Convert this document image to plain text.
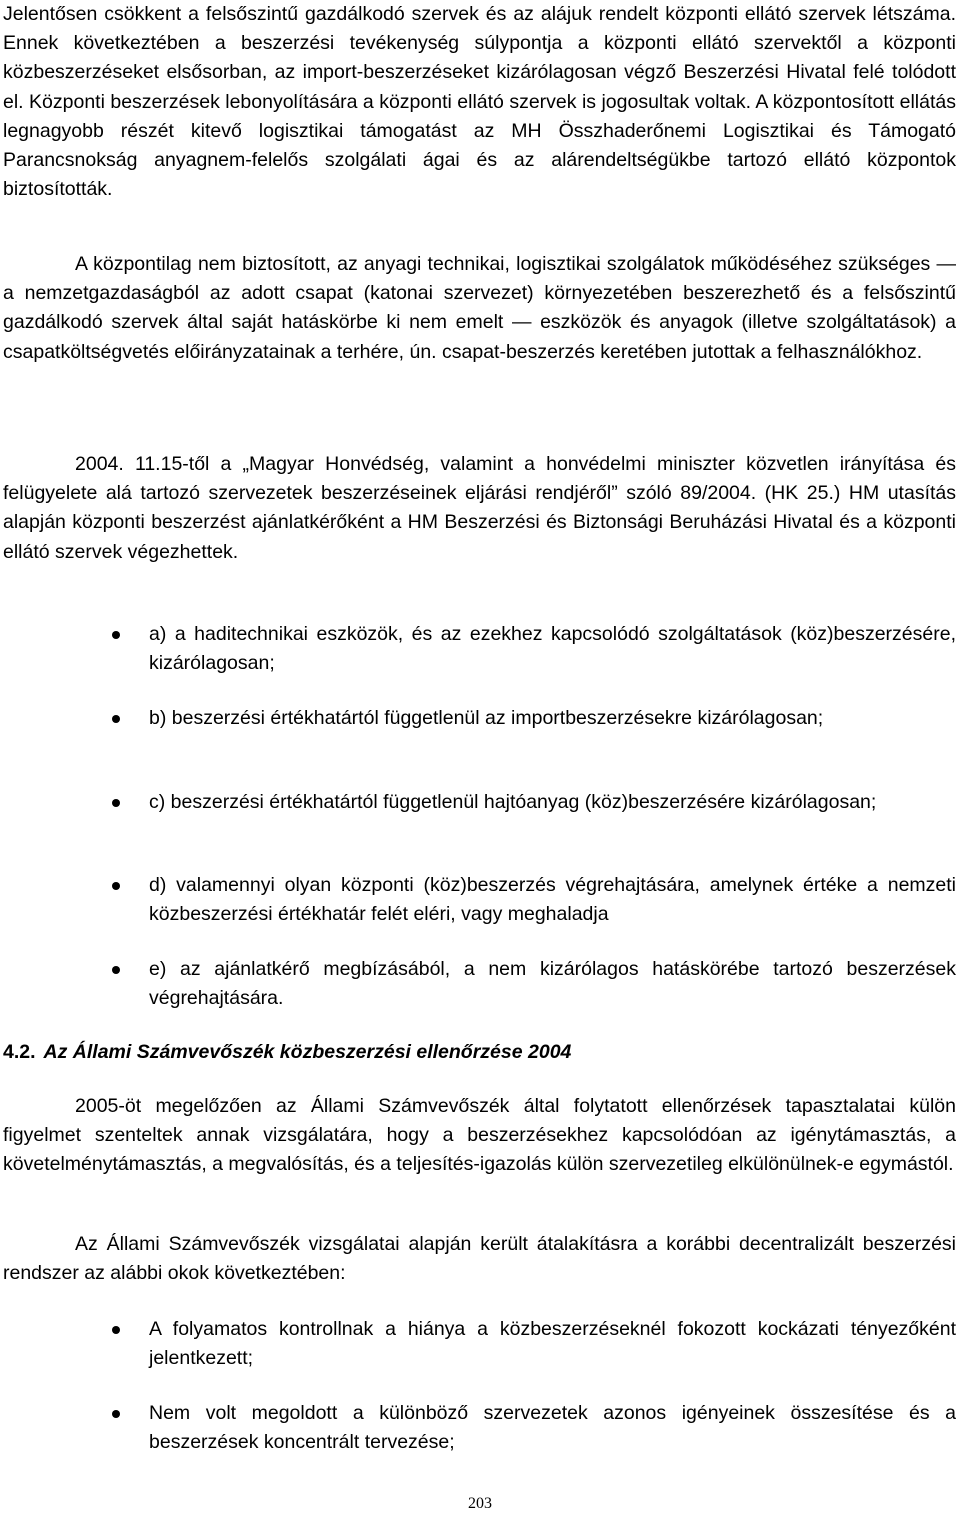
Jelentősen csökkent a felsőszintű gazdálkodó szervek és az alájuk rendelt központi ellátó szervek létszáma. Ennek következtében a beszerzési tevékenység súlypontja a központi ellátó szervektől a központi közbeszerzéseket elsősorban, az import-beszerzéseket kizárólagosan végző Beszerzési Hivatal felé tolódott el. Központi beszerzések lebonyolítására a központi ellátó szervek is jogosultak voltak. A központosított ellátás legnagyobb részét kitevő logisztikai támogatást az MH Összhaderőnemi Logisztikai és Támogató Parancsnokság anyagnem-felelős szolgálati ágai és az alárendeltségükbe tartozó ellátó központok biztosították.

A központilag nem biztosított, az anyagi technikai, logisztikai szolgálatok működéséhez szükséges — a nemzetgazdaságból az adott csapat (katonai szervezet) környezetében beszerezhető és a felsőszintű gazdálkodó szervek által saját hatáskörbe ki nem emelt — eszközök és anyagok (illetve szolgáltatások) a csapatköltségvetés előirányzatainak a terhére, ún. csapat-beszerzés keretében jutottak a felhasználókhoz.

2004. 11.15-től a „Magyar Honvédség, valamint a honvédelmi miniszter közvetlen irányítása és felügyelete alá tartozó szervezetek beszerzéseinek eljárási rendjéről” szóló 89/2004. (HK 25.) HM utasítás alapján központi beszerzést ajánlatkérőként a HM Beszerzési és Biztonsági Beruházási Hivatal és a központi ellátó szervek végezhettek.

a) a haditechnikai eszközök, és az ezekhez kapcsolódó szolgáltatások (köz)beszerzésére, kizárólagosan;

b) beszerzési értékhatártól függetlenül az importbeszerzésekre kizárólagosan;

c) beszerzési értékhatártól függetlenül hajtóanyag (köz)beszerzésére kizárólagosan;

d) valamennyi olyan központi (köz)beszerzés végrehajtására, amelynek értéke a nemzeti közbeszerzési értékhatár felét eléri, vagy meghaladja

e) az ajánlatkérő megbízásából, a nem kizárólagos hatáskörébe tartozó beszerzések végrehajtására.

4.2. Az Állami Számvevőszék közbeszerzési ellenőrzése 2004

2005-öt megelőzően az Állami Számvevőszék által folytatott ellenőrzések tapasztalatai külön figyelmet szenteltek annak vizsgálatára, hogy a beszerzésekhez kapcsolódóan az igénytámasztás, a követelménytámasztás, a megvalósítás, és a teljesítés-igazolás külön szervezetileg elkülönülnek-e egymástól.

Az Állami Számvevőszék vizsgálatai alapján került átalakításra a korábbi decentralizált beszerzési rendszer az alábbi okok következtében:

A folyamatos kontrollnak a hiánya a közbeszerzéseknél fokozott kockázati tényezőként jelentkezett;

Nem volt megoldott a különböző szervezetek azonos igényeinek összesítése és a beszerzések koncentrált tervezése;

203
